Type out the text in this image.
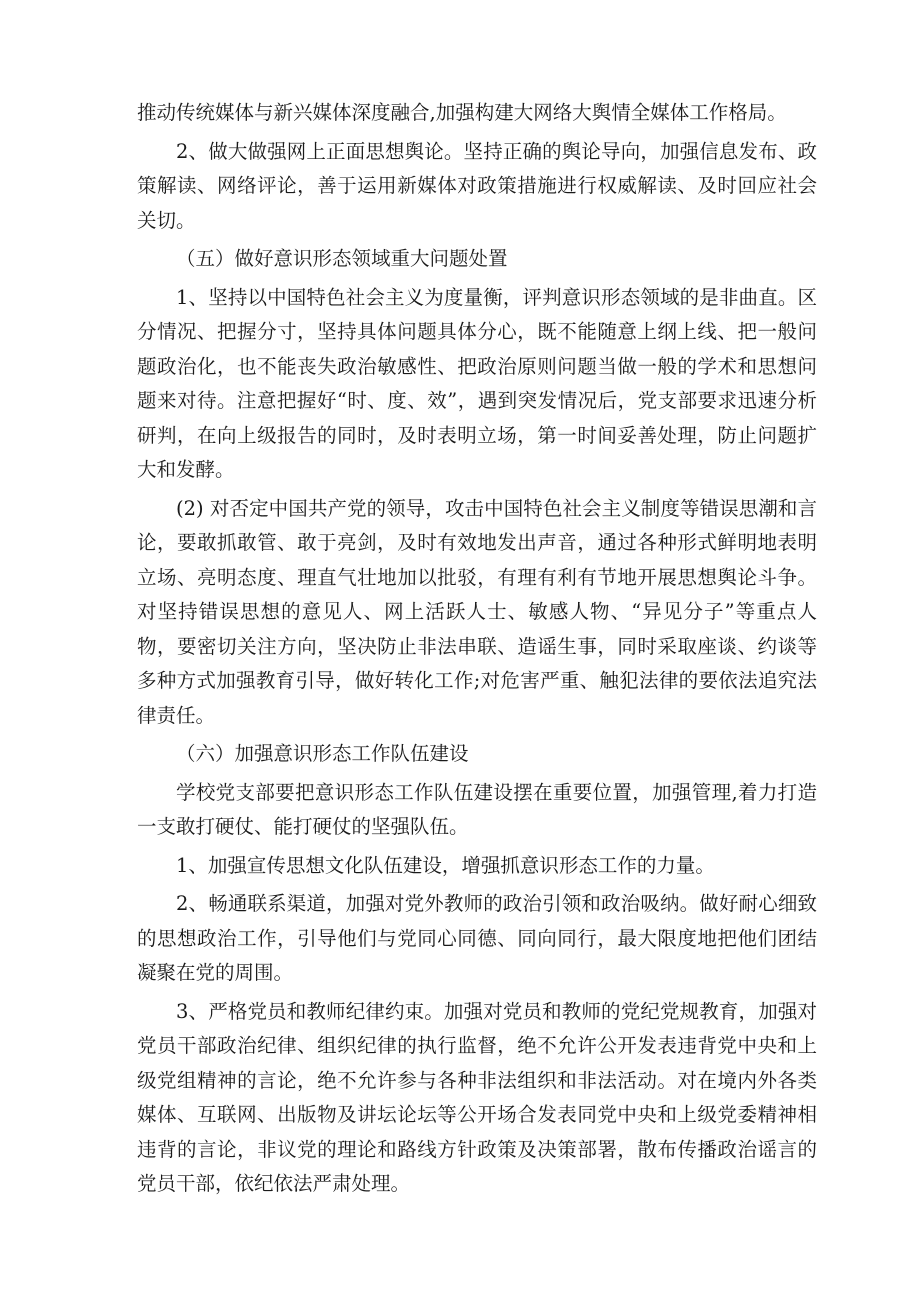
推动传统媒体与新兴媒体深度融合,加强构建大网络大舆情全媒体工作格局。

2、做大做强网上正面思想舆论。坚持正确的舆论导向，加强信息发布、政策解读、网络评论，善于运用新媒体对政策措施进行权威解读、及时回应社会关切。

（五）做好意识形态领域重大问题处置

1、坚持以中国特色社会主义为度量衡，评判意识形态领域的是非曲直。区分情况、把握分寸，坚持具体问题具体分心，既不能随意上纲上线、把一般问题政治化，也不能丧失政治敏感性、把政治原则问题当做一般的学术和思想问题来对待。注意把握好“时、度、效”，遇到突发情况后，党支部要求迅速分析研判，在向上级报告的同时，及时表明立场，第一时间妥善处理，防止问题扩大和发酵。

(2) 对否定中国共产党的领导，攻击中国特色社会主义制度等错误思潮和言论，要敢抓敢管、敢于亮剑，及时有效地发出声音，通过各种形式鲜明地表明立场、亮明态度、理直气壮地加以批驳，有理有利有节地开展思想舆论斗争。对坚持错误思想的意见人、网上活跃人士、敏感人物、“异见分子”等重点人物，要密切关注方向，坚决防止非法串联、造谣生事，同时采取座谈、约谈等多种方式加强教育引导，做好转化工作;对危害严重、触犯法律的要依法追究法律责任。

（六）加强意识形态工作队伍建设

学校党支部要把意识形态工作队伍建设摆在重要位置，加强管理,着力打造一支敢打硬仗、能打硬仗的坚强队伍。

1、加强宣传思想文化队伍建设，增强抓意识形态工作的力量。

2、畅通联系渠道，加强对党外教师的政治引领和政治吸纳。做好耐心细致的思想政治工作，引导他们与党同心同德、同向同行，最大限度地把他们团结凝聚在党的周围。

3、严格党员和教师纪律约束。加强对党员和教师的党纪党规教育，加强对党员干部政治纪律、组织纪律的执行监督，绝不允许公开发表违背党中央和上级党组精神的言论，绝不允许参与各种非法组织和非法活动。对在境内外各类媒体、互联网、出版物及讲坛论坛等公开场合发表同党中央和上级党委精神相违背的言论，非议党的理论和路线方针政策及决策部署，散布传播政治谣言的党员干部，依纪依法严肃处理。
